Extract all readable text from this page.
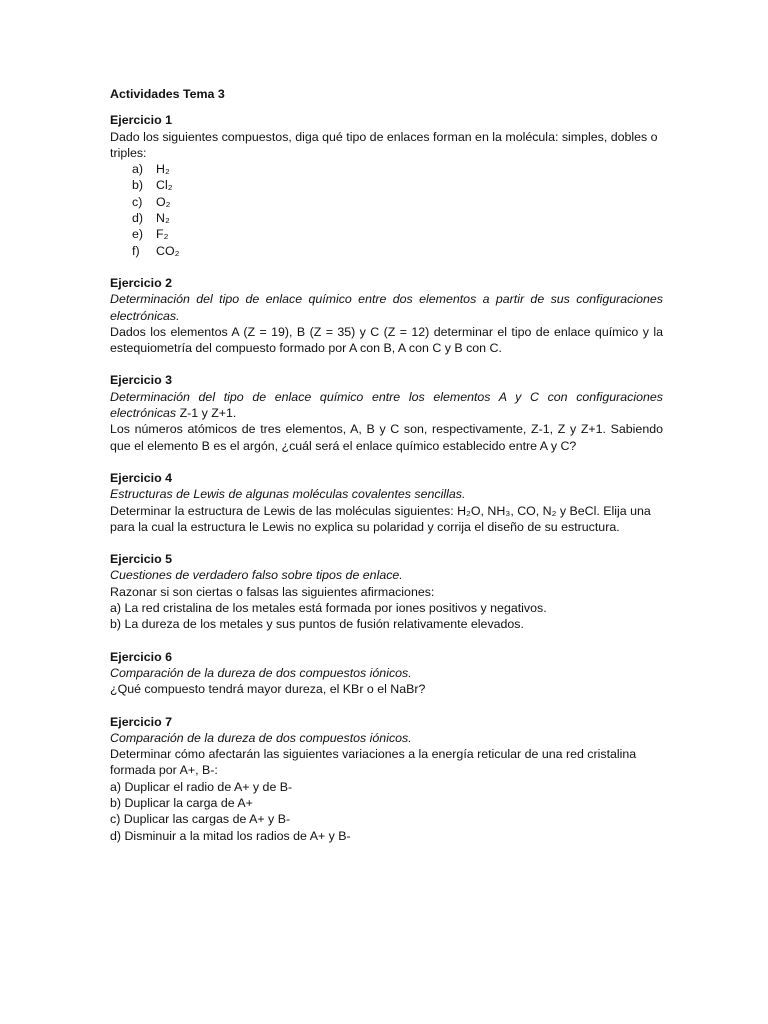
Actividades Tema 3
Ejercicio 1
Dado los siguientes compuestos, diga qué tipo de enlaces forman en la molécula: simples, dobles o triples:
a)	H₂
b)	Cl₂
c)	O₂
d)	N₂
e)	F₂
f)	CO₂
Ejercicio 2
Determinación del tipo de enlace químico entre dos elementos a partir de sus configuraciones electrónicas.
Dados los elementos A (Z = 19), B (Z = 35) y C (Z = 12) determinar el tipo de enlace químico y la estequiometría del compuesto formado por A con B, A con C y B con C.
Ejercicio 3
Determinación del tipo de enlace químico entre los elementos A y C con configuraciones electrónicas Z-1 y Z+1.
Los números atómicos de tres elementos, A, B y C son, respectivamente, Z-1, Z y Z+1. Sabiendo que el elemento B es el argón, ¿cuál será el enlace químico establecido entre A y C?
Ejercicio 4
Estructuras de Lewis de algunas moléculas covalentes sencillas.
Determinar la estructura de Lewis de las moléculas siguientes: H₂O, NH₃, CO, N₂ y BeCl. Elija una para la cual la estructura le Lewis no explica su polaridad y corrija el diseño de su estructura.
Ejercicio 5
Cuestiones de verdadero falso sobre tipos de enlace.
Razonar si son ciertas o falsas las siguientes afirmaciones:
a) La red cristalina de los metales está formada por iones positivos y negativos.
b) La dureza de los metales y sus puntos de fusión relativamente elevados.
Ejercicio 6
Comparación de la dureza de dos compuestos iónicos.
¿Qué compuesto tendrá mayor dureza, el KBr o el NaBr?
Ejercicio 7
Comparación de la dureza de dos compuestos iónicos.
Determinar cómo afectarán las siguientes variaciones a la energía reticular de una red cristalina formada por A+, B-:
a) Duplicar el radio de A+ y de B-
b) Duplicar la carga de A+
c) Duplicar las cargas de A+ y B-
d) Disminuir a la mitad los radios de A+ y B-
